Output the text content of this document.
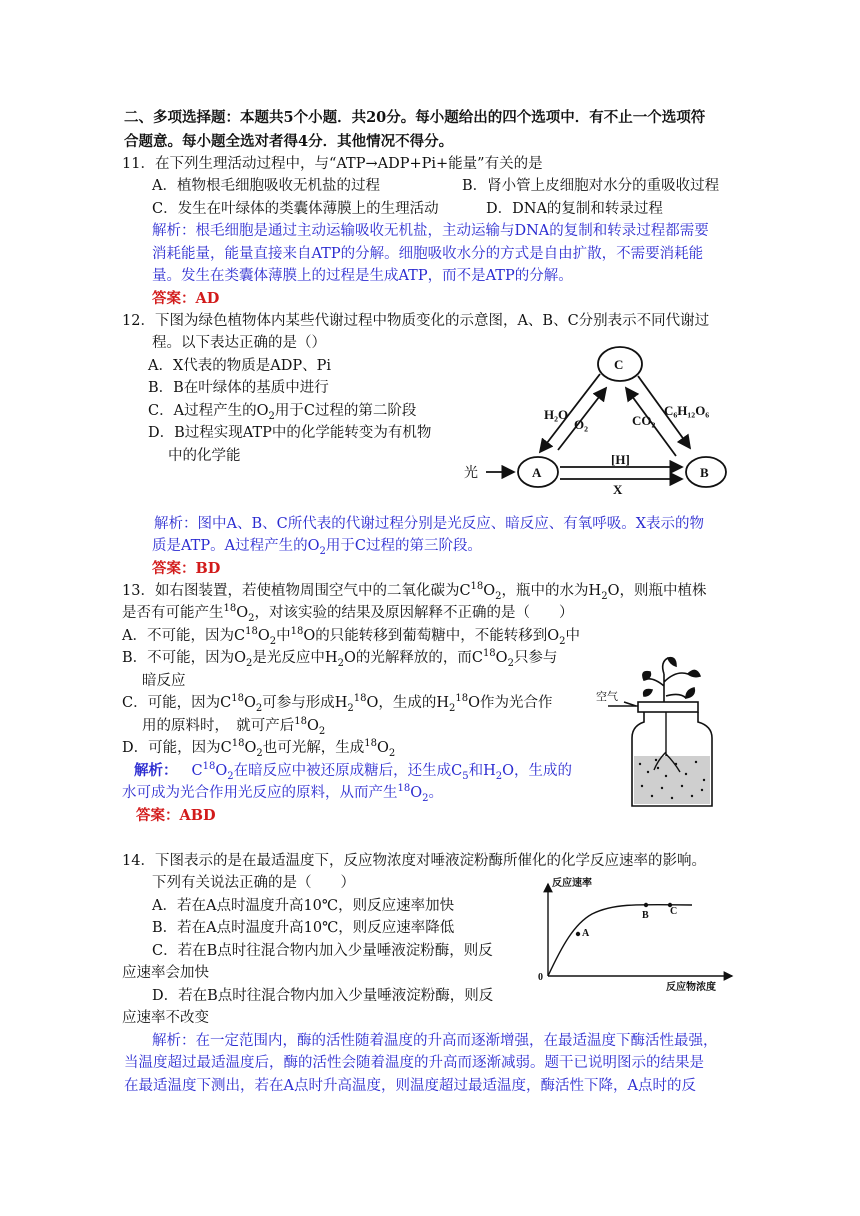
二、多项选择题：本题共5个小题．共20分。每小题给出的四个选项中．有不止一个选项符
合题意。每小题全选对者得4分．其他情况不得分。
11．在下列生理活动过程中，与“ATP→ADP+Pi+能量”有关的是
A．植物根毛细胞吸收无机盐的过程	B．肾小管上皮细胞对水分的重吸收过程
C．发生在叶绿体的类囊体薄膜上的生理活动	D．DNA的复制和转录过程
解析：根毛细胞是通过主动运输吸收无机盐，主动运输与DNA的复制和转录过程都需要
消耗能量，能量直接来自ATP的分解。细胞吸收水分的方式是自由扩散，不需要消耗能
量。发生在类囊体薄膜上的过程是生成ATP，而不是ATP的分解。
答案：AD
12．下图为绿色植物体内某些代谢过程中物质变化的示意图，A、B、C分别表示不同代谢过
程。以下表达正确的是（）
A．X代表的物质是ADP、Pi
B．B在叶绿体的基质中进行
C．A过程产生的$O_2$用于C过程的第二阶段
D．B过程实现ATP中的化学能转变为有机物
中的化学能
C
A	B
H₂O
O₂	CO₂
C₆H₁₂O₆
[H]
X
光
解析：图中A、B、C所代表的代谢过程分别是光反应、暗反应、有氧呼吸。X表示的物
质是ATP。A过程产生的$O_2$用于C过程的第三阶段。
答案：BD
13．如右图装置，若使植物周围空气中的二氧化碳为$C^{18}O_2$，瓶中的水为$H_2O$，则瓶中植株
是否有可能产生$^{18}O_2$，对该实验的结果及原因解释不正确的是（　　）
A．不可能，因为$C^{18}O_2$中$^{18}$O的只能转移到葡萄糖中，不能转移到$O_2$中
B．不可能，因为$O_2$是光反应中$H_2O$的光解释放的，而$C^{18}O_2$只参与
暗反应
C．可能，因为$C^{18}O_2$可参与形成$H_2^{18}O$，生成的$H_2^{18}O$作为光合作
用的原料时，　就可产后$^{18}O_2$
D．可能，因为$C^{18}O_2$也可光解，生成$^{18}O_2$
解析： $C^{18}O_2$在暗反应中被还原成糖后，还生成$C_5$和$H_2O$，生成的
水可成为光合作用光反应的原料，从而产生$^{18}O_2$。
答案：ABD
空气
14．下图表示的是在最适温度下，反应物浓度对唾液淀粉酶所催化的化学反应速率的影响。
下列有关说法正确的是（　　）
A．若在A点时温度升高10℃，则反应速率加快
B．若在A点时温度升高10℃，则反应速率降低
C．若在B点时往混合物内加入少量唾液淀粉酶，则反
应速率会加快
D．若在B点时往混合物内加入少量唾液淀粉酶，则反
应速率不改变
反应速率
反应物浓度
0
A
B C
解析：在一定范围内，酶的活性随着温度的升高而逐渐增强，在最适温度下酶活性最强，
当温度超过最适温度后，酶的活性会随着温度的升高而逐渐减弱。题干已说明图示的结果是
在最适温度下测出，若在A点时升高温度，则温度超过最适温度，酶活性下降，A点时的反
